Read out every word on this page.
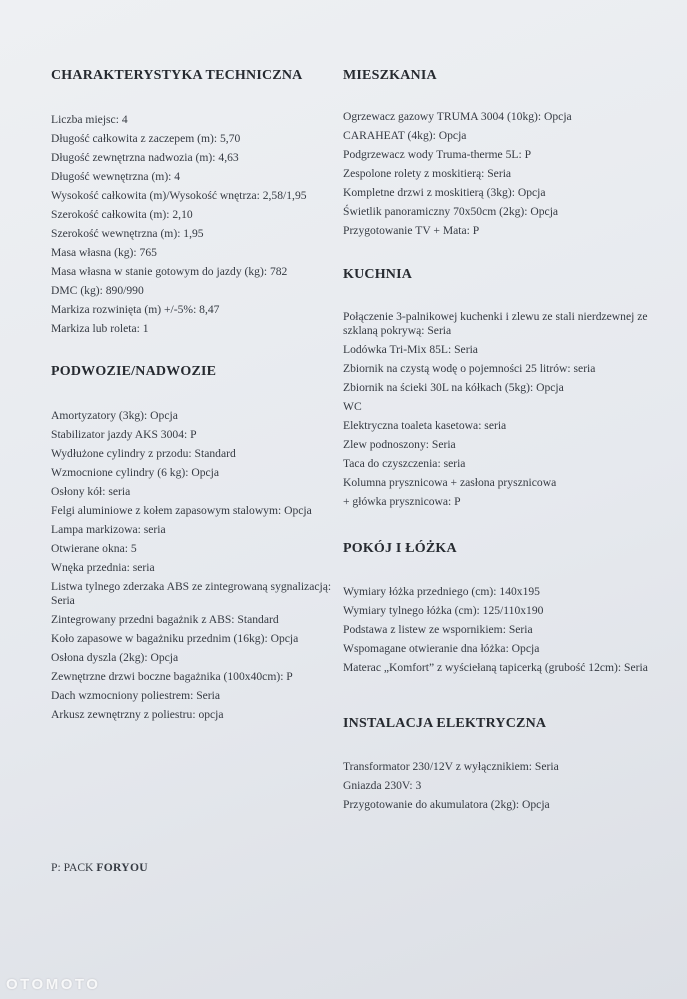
CHARAKTERYSTYKA TECHNICZNA
Liczba miejsc: 4
Długość całkowita z zaczepem (m): 5,70
Długość zewnętrzna nadwozia (m): 4,63
Długość wewnętrzna (m): 4
Wysokość całkowita (m)/Wysokość wnętrza: 2,58/1,95
Szerokość całkowita (m): 2,10
Szerokość wewnętrzna (m): 1,95
Masa własna (kg): 765
Masa własna w stanie gotowym do jazdy (kg): 782
DMC (kg): 890/990
Markiza rozwinięta (m) +/-5%: 8,47
Markiza lub roleta: 1
PODWOZIE/NADWOZIE
Amortyzatory (3kg): Opcja
Stabilizator jazdy AKS 3004: P
Wydłużone cylindry z przodu: Standard
Wzmocnione cylindry (6 kg): Opcja
Osłony kół: seria
Felgi aluminiowe z kołem zapasowym stalowym: Opcja
Lampa markizowa: seria
Otwierane okna: 5
Wnęka przednia: seria
Listwa tylnego zderzaka ABS ze zintegrowaną sygnalizacją: Seria
Zintegrowany przedni bagażnik z ABS: Standard
Koło zapasowe w bagażniku przednim (16kg): Opcja
Osłona dyszla (2kg): Opcja
Zewnętrzne drzwi boczne bagażnika (100x40cm): P
Dach wzmocniony poliestrem: Seria
Arkusz zewnętrzny z poliestru: opcja
MIESZKANIA
Ogrzewacz gazowy TRUMA 3004 (10kg): Opcja
CARAHEAT (4kg): Opcja
Podgrzewacz wody Truma-therme 5L: P
Zespolone rolety z moskitierą: Seria
Kompletne drzwi z moskitierą (3kg): Opcja
Świetlik panoramiczny 70x50cm (2kg): Opcja
Przygotowanie TV + Mata: P
KUCHNIA
Połączenie 3-palnikowej kuchenki i zlewu ze stali nierdzewnej ze szklaną pokrywą: Seria
Lodówka Tri-Mix 85L: Seria
Zbiornik na czystą wodę o pojemności 25 litrów: seria
Zbiornik na ścieki 30L na kółkach (5kg): Opcja
WC
Elektryczna toaleta kasetowa: seria
Zlew podnoszony: Seria
Taca do czyszczenia: seria
Kolumna prysznicowa + zasłona prysznicowa
+ główka prysznicowa: P
POKÓJ I ŁÓŻKA
Wymiary łóżka przedniego (cm): 140x195
Wymiary tylnego łóżka (cm): 125/110x190
Podstawa z listew ze wspornikiem: Seria
Wspomagane otwieranie dna łóżka: Opcja
Materac „Komfort” z wyściełaną tapicerką (grubość 12cm): Seria
INSTALACJA ELEKTRYCZNA
Transformator 230/12V z wyłącznikiem: Seria
Gniazda 230V: 3
Przygotowanie do akumulatora (2kg): Opcja
P: PACK FORYOU
OTOMOTO
